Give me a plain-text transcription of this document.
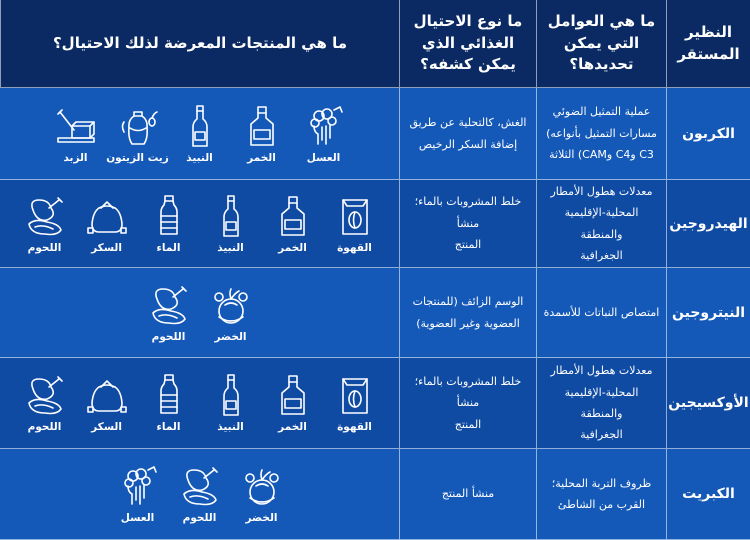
النظير المستقر
ما هي العوامل التي يمكن تحديدها؟
ما نوع الاحتيال الغذائي الذي يمكن كشفه؟
ما هي المنتجات المعرضة لذلك الاحتيال؟
الكربون
عملية التمثيل الضوئي
مسارات التمثيل بأنواعه)
C3 وC4 وCAM) الثلاثة
الغش، كالتحلية عن طريق
إضافة السكر الرخيص
العسل
الخمر
النبيذ
زيت الزيتون
الزبد
الهيدروجين
معدلات هطول الأمطار
المحلية-الإقليمية والمنطقة
الجغرافية
خلط المشروبات بالماء؛ منشأ
المنتج
القهوة
الخمر
النبيذ
الماء
السكر
اللحوم
النيتروجين
امتصاص النباتات للأسمدة
الوسم الزائف (للمنتجات
العضوية وغير العضوية)
الخضر
اللحوم
الأوكسيجين
معدلات هطول الأمطار
المحلية-الإقليمية والمنطقة
الجغرافية
خلط المشروبات بالماء؛ منشأ
المنتج
القهوة
الخمر
النبيذ
الماء
السكر
اللحوم
الكبريت
ظروف التربة المحلية؛
القرب من الشاطئ
منشأ المنتج
الخضر
اللحوم
العسل
